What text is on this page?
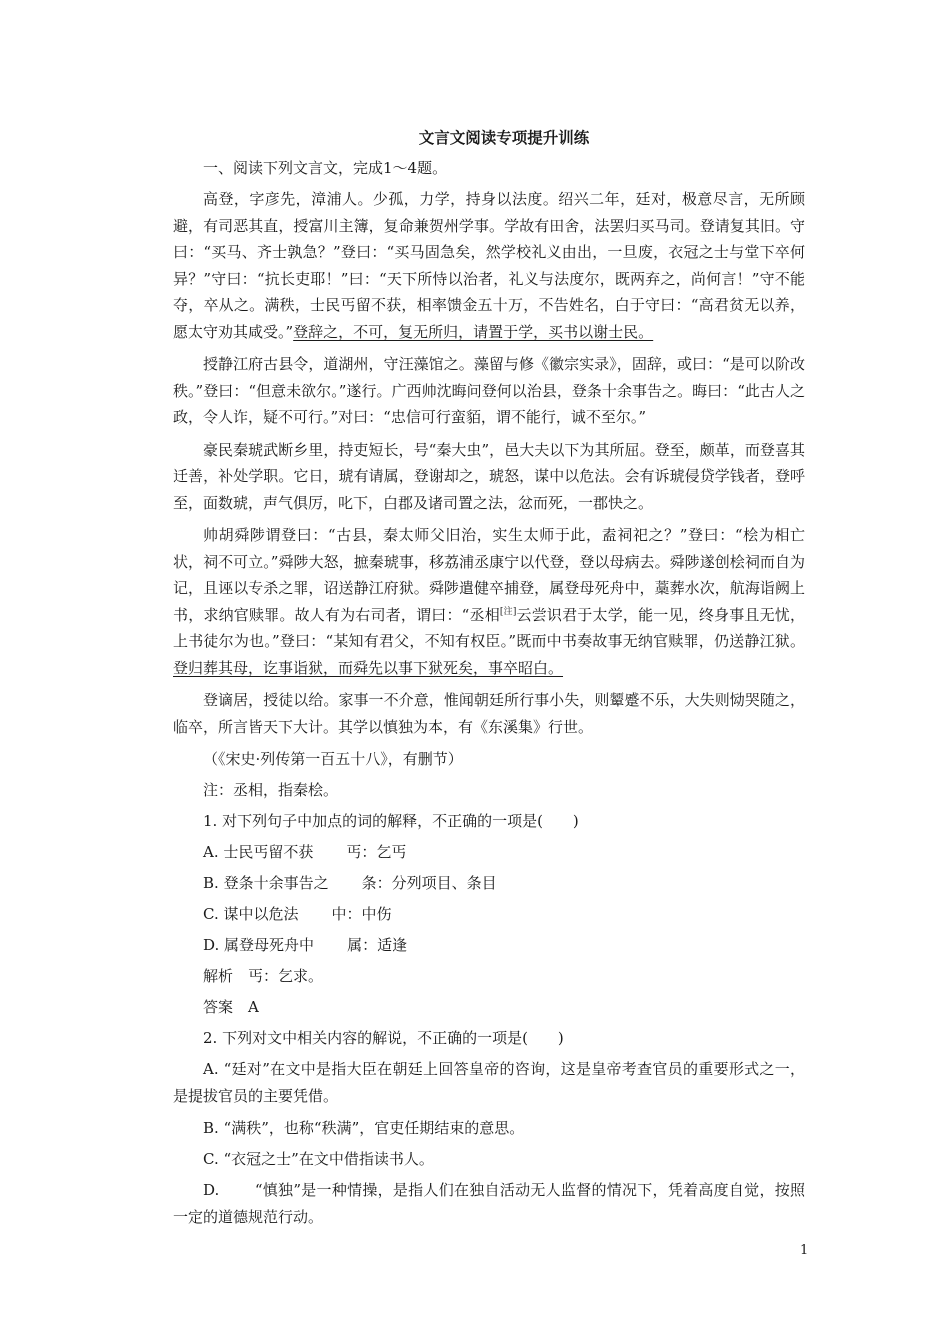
文言文阅读专项提升训练

一、阅读下列文言文，完成1～4题。

高登，字彦先，漳浦人。少孤，力学，持身以法度。绍兴二年，廷对，极意尽言，无所顾避，有司恶其直，授富川主簿，复命兼贺州学事。学故有田舍，法罢归买马司。登请复其旧。守曰：“买马、齐士孰急？”登曰：“买马固急矣，然学校礼义由出，一旦废，衣冠之士与堂下卒何异？”守曰：“抗长吏耶！”曰：“天下所恃以治者，礼义与法度尔，既两弃之，尚何言！”守不能夺，卒从之。满秩，士民丐留不获，相率馈金五十万，不告姓名，白于守曰：“高君贫无以养，愿太守劝其咸受。”登辞之，不可，复无所归，请置于学，买书以谢士民。

授静江府古县令，道湖州，守汪藻馆之。藻留与修《徽宗实录》，固辞，或曰：“是可以阶改秩。”登曰：“但意未欲尔。”遂行。广西帅沈晦问登何以治县，登条十余事告之。晦曰：“此古人之政，令人诈，疑不可行。”对曰：“忠信可行蛮貊，谓不能行，诚不至尔。”

豪民秦琥武断乡里，持吏短长，号“秦大虫”，邑大夫以下为其所屈。登至，颇革，而登喜其迁善，补处学职。它日，琥有请属，登谢却之，琥怒，谋中以危法。会有诉琥侵贷学钱者，登呼至，面数琥，声气俱厉，叱下，白郡及诸司置之法，忿而死，一郡快之。

帅胡舜陟谓登曰：“古县，秦太师父旧治，实生太师于此，盍祠祀之？”登曰：“桧为相亡状，祠不可立。”舜陟大怒，摭秦琥事，移荔浦丞康宁以代登，登以母病去。舜陟遂创桧祠而自为记，且诬以专杀之罪，诏送静江府狱。舜陟遣健卒捕登，属登母死舟中，藁葬水次，航海诣阙上书，求纳官赎罪。故人有为右司者，谓曰：“丞相[注]云尝识君于太学，能一见，终身事且无忧，上书徒尔为也。”登曰：“某知有君父，不知有权臣。”既而中书奏故事无纳官赎罪，仍送静江狱。登归葬其母，讫事诣狱，而舜先以事下狱死矣，事卒昭白。

登谪居，授徒以给。家事一不介意，惟闻朝廷所行事小失，则颦蹙不乐，大失则恸哭随之，临卒，所言皆天下大计。其学以慎独为本，有《东溪集》行世。

（《宋史·列传第一百五十八》，有删节）

注：丞相，指秦桧。

1. 对下列句子中加点的词的解释，不正确的一项是(　　)

A. 士民丐留不获 丐：乞丐

B. 登条十余事告之 条：分列项目、条目

C. 谋中以危法 中：中伤

D. 属登母死舟中 属：适逢

解析　丐：乞求。

答案　A

2. 下列对文中相关内容的解说，不正确的一项是(　　)

A. “廷对”在文中是指大臣在朝廷上回答皇帝的咨询，这是皇帝考查官员的重要形式之一，是提拔官员的主要凭借。

B. “满秩”，也称“秩满”，官吏任期结束的意思。

C. “衣冠之士”在文中借指读书人。

D. 　　“慎独”是一种情操，是指人们在独自活动无人监督的情况下，凭着高度自觉，按照一定的道德规范行动。

1
